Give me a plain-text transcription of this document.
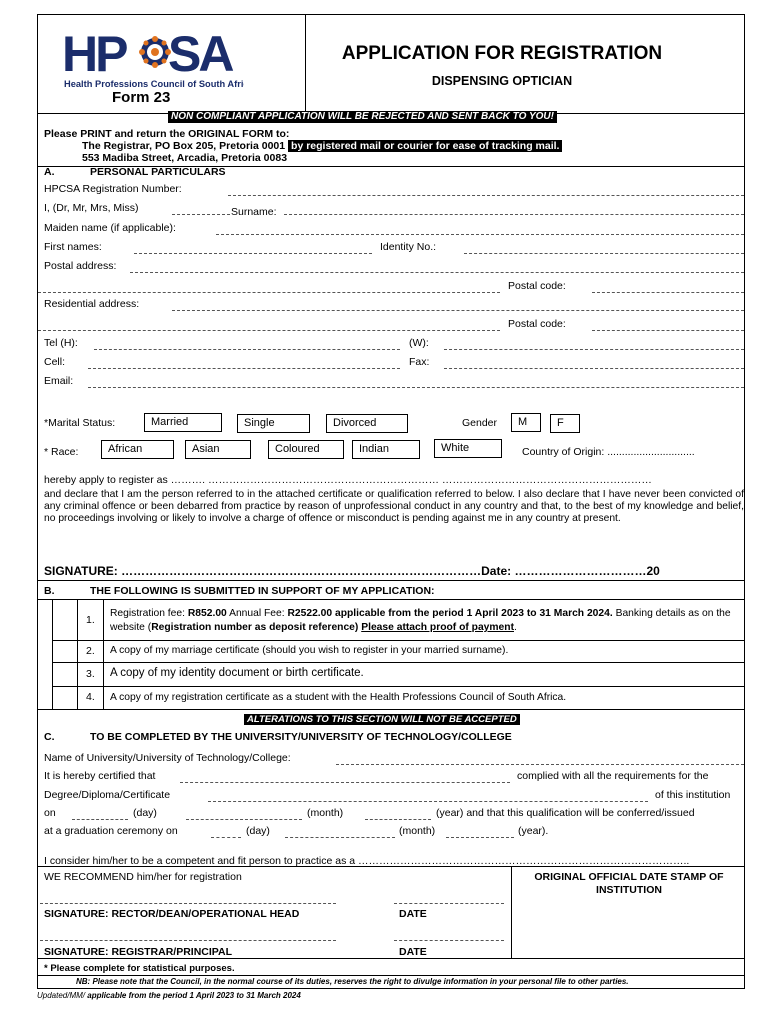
HP SA
Health Professions Council of South Africa
Form 23
APPLICATION FOR REGISTRATION
DISPENSING OPTICIAN
NON COMPLIANT APPLICATION WILL BE REJECTED AND SENT BACK TO YOU!
Please PRINT and return the ORIGINAL FORM to:
The Registrar, PO Box 205, Pretoria 0001 by registered mail or courier for ease of tracking mail.
553 Madiba Street, Arcadia, Pretoria 0083
A.	PERSONAL PARTICULARS
HPCSA Registration Number:
I, (Dr, Mr, Mrs, Miss)	Surname:
Maiden name (if applicable):
First names:	Identity No.:
Postal address:
Postal code:
Residential address:
Postal code:
Tel (H):	(W):
Cell:	Fax:
Email:
*Marital Status:	Married	Single	Divorced	Gender	M	F
* Race:	African	Asian	Coloured	Indian	White	Country of Origin: ..............................
hereby apply to register as ………. ………………………………………………………… ……………………………………………………
and declare that I am the person referred to in the attached certificate or qualification referred to below. I also declare that I have never been convicted of any criminal offence or been debarred from practice by reason of unprofessional conduct in any country and that, to the best of my knowledge and belief, no proceedings involving or likely to involve a charge of offence or misconduct is pending against me in any country at present.
SIGNATURE: ………………………………………………………………………………Date: ……………………………20
B.	THE FOLLOWING IS SUBMITTED IN SUPPORT OF MY APPLICATION:
1.
Registration fee: R852.00 Annual Fee: R2522.00 applicable from the period 1 April 2023 to 31 March 2024. Banking details as on the website (Registration number as deposit reference) Please attach proof of payment.
2. A copy of my marriage certificate (should you wish to register in your married surname).
3. A copy of my identity document or birth certificate.
4. A copy of my registration certificate as a student with the Health Professions Council of South Africa.
ALTERATIONS TO THIS SECTION WILL NOT BE ACCEPTED
C.	TO BE COMPLETED BY THE UNIVERSITY/UNIVERSITY OF TECHNOLOGY/COLLEGE
Name of University/University of Technology/College:
It is hereby certified that	complied with all the requirements for the
Degree/Diploma/Certificate	of this institution
on	(day)	(month)	(year) and that this qualification will be conferred/issued
at a graduation ceremony on	(day)	(month)	(year).
I consider him/her to be a competent and fit person to practice as a …………………………………………………………………………………..
WE RECOMMEND him/her for registration	ORIGINAL OFFICIAL DATE STAMP OF INSTITUTION
SIGNATURE: RECTOR/DEAN/OPERATIONAL HEAD	DATE
SIGNATURE: REGISTRAR/PRINCIPAL	DATE
* Please complete for statistical purposes.
NB: Please note that the Council, in the normal course of its duties, reserves the right to divulge information in your personal file to other parties.
Updated/MM/ applicable from the period 1 April 2023 to 31 March 2024
